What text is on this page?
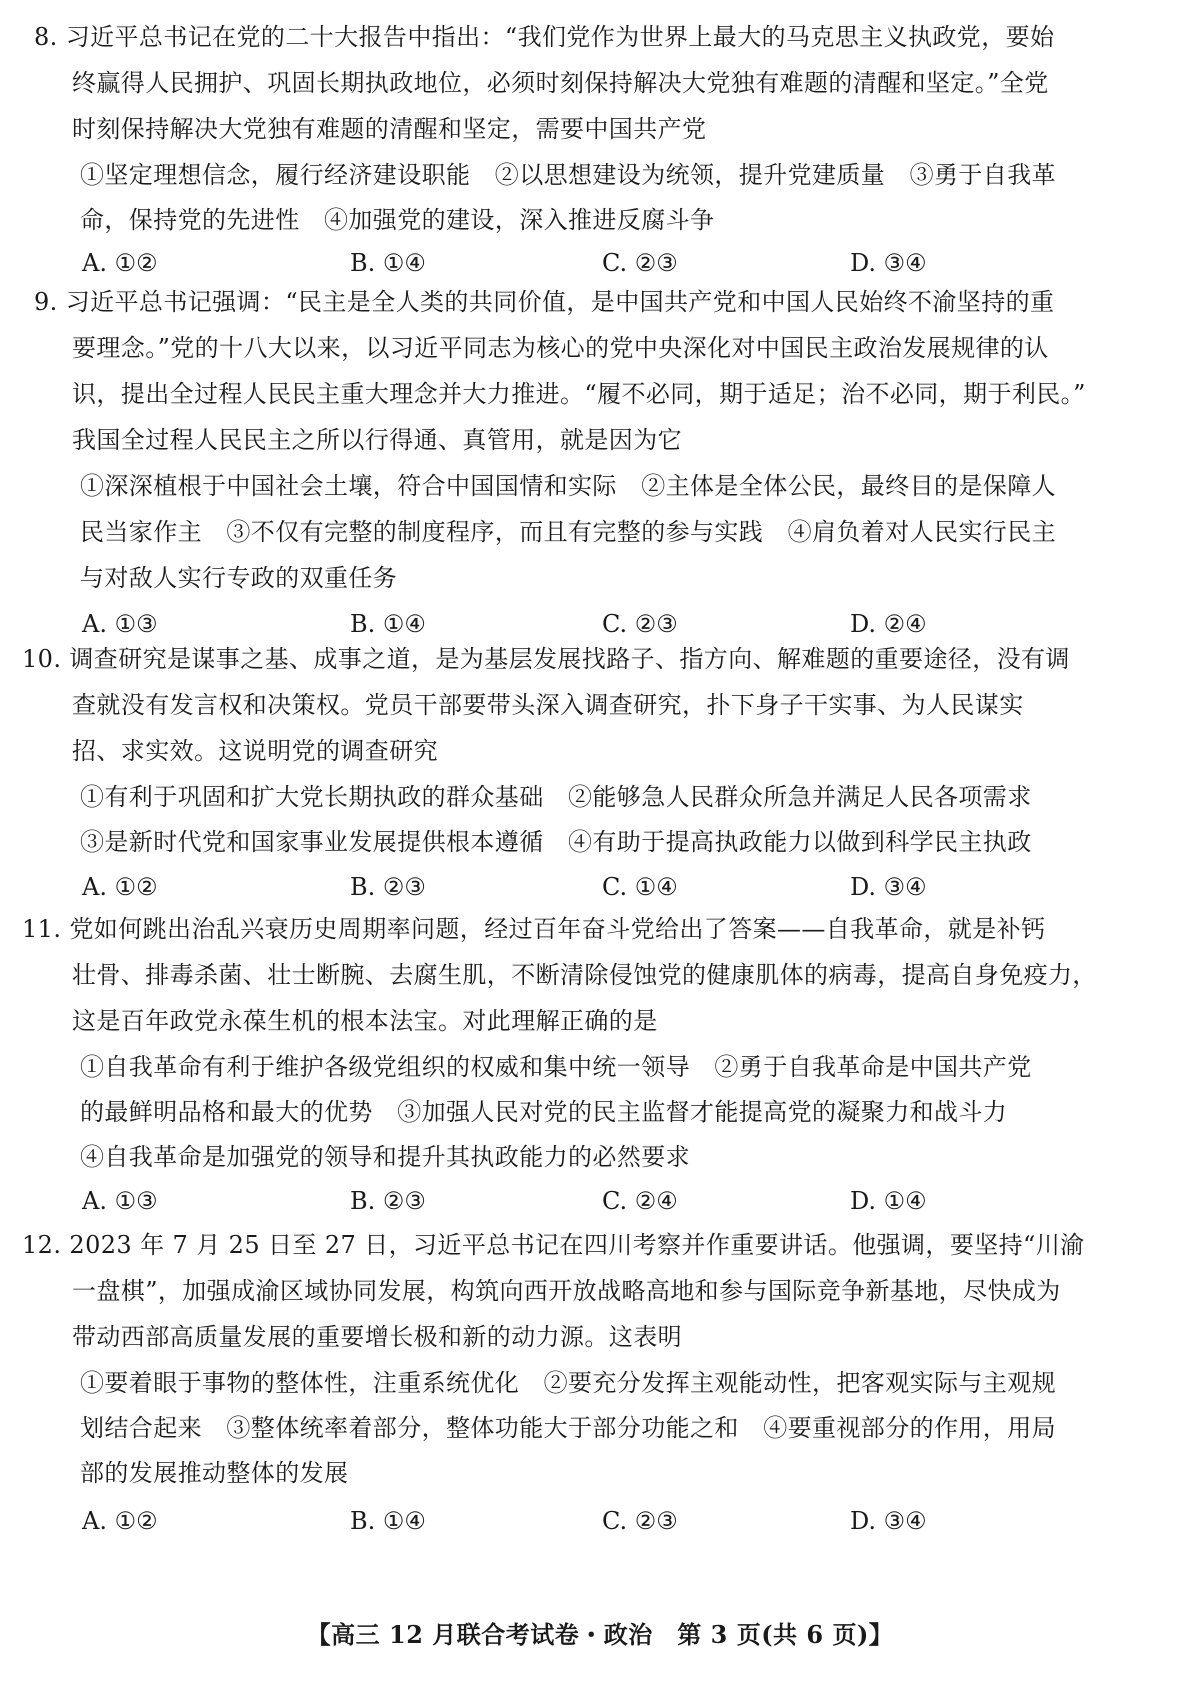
8. 习近平总书记在党的二十大报告中指出：“我们党作为世界上最大的马克思主义执政党，要始
终赢得人民拥护、巩固长期执政地位，必须时刻保持解决大党独有难题的清醒和坚定。”全党
时刻保持解决大党独有难题的清醒和坚定，需要中国共产党
①坚定理想信念，履行经济建设职能　②以思想建设为统领，提升党建质量　③勇于自我革
命，保持党的先进性　④加强党的建设，深入推进反腐斗争
A. ①②	B. ①④	C. ②③	D. ③④
9. 习近平总书记强调：“民主是全人类的共同价值，是中国共产党和中国人民始终不渝坚持的重
要理念。”党的十八大以来，以习近平同志为核心的党中央深化对中国民主政治发展规律的认
识，提出全过程人民民主重大理念并大力推进。“履不必同，期于适足；治不必同，期于利民。”
我国全过程人民民主之所以行得通、真管用，就是因为它
①深深植根于中国社会土壤，符合中国国情和实际　②主体是全体公民，最终目的是保障人
民当家作主　③不仅有完整的制度程序，而且有完整的参与实践　④肩负着对人民实行民主
与对敌人实行专政的双重任务
A. ①③	B. ①④	C. ②③	D. ②④
10. 调查研究是谋事之基、成事之道，是为基层发展找路子、指方向、解难题的重要途径，没有调
查就没有发言权和决策权。党员干部要带头深入调查研究，扑下身子干实事、为人民谋实
招、求实效。这说明党的调查研究
①有利于巩固和扩大党长期执政的群众基础　②能够急人民群众所急并满足人民各项需求
③是新时代党和国家事业发展提供根本遵循　④有助于提高执政能力以做到科学民主执政
A. ①②	B. ②③	C. ①④	D. ③④
11. 党如何跳出治乱兴衰历史周期率问题，经过百年奋斗党给出了答案——自我革命，就是补钙
壮骨、排毒杀菌、壮士断腕、去腐生肌，不断清除侵蚀党的健康肌体的病毒，提高自身免疫力，
这是百年政党永葆生机的根本法宝。对此理解正确的是
①自我革命有利于维护各级党组织的权威和集中统一领导　②勇于自我革命是中国共产党
的最鲜明品格和最大的优势　③加强人民对党的民主监督才能提高党的凝聚力和战斗力
④自我革命是加强党的领导和提升其执政能力的必然要求
A. ①③	B. ②③	C. ②④	D. ①④
12. 2023 年 7 月 25 日至 27 日，习近平总书记在四川考察并作重要讲话。他强调，要坚持“川渝
一盘棋”，加强成渝区域协同发展，构筑向西开放战略高地和参与国际竞争新基地，尽快成为
带动西部高质量发展的重要增长极和新的动力源。这表明
①要着眼于事物的整体性，注重系统优化　②要充分发挥主观能动性，把客观实际与主观规
划结合起来　③整体统率着部分，整体功能大于部分功能之和　④要重视部分的作用，用局
部的发展推动整体的发展
A. ①②	B. ①④	C. ②③	D. ③④
【高三 12 月联合考试卷・政治　第 3 页(共 6 页)】
